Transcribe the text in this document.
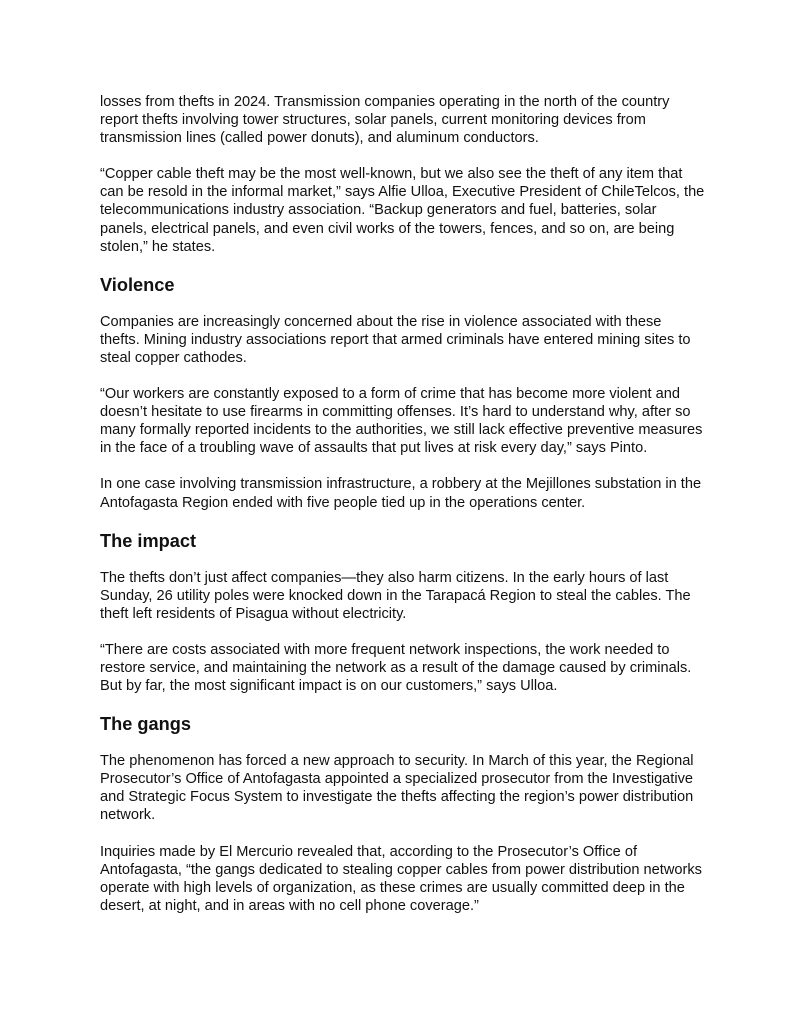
losses from thefts in 2024. Transmission companies operating in the north of the country report thefts involving tower structures, solar panels, current monitoring devices from transmission lines (called power donuts), and aluminum conductors.

“Copper cable theft may be the most well-known, but we also see the theft of any item that can be resold in the informal market,” says Alfie Ulloa, Executive President of ChileTelcos, the telecommunications industry association. “Backup generators and fuel, batteries, solar panels, electrical panels, and even civil works of the towers, fences, and so on, are being stolen,” he states.

Violence

Companies are increasingly concerned about the rise in violence associated with these thefts. Mining industry associations report that armed criminals have entered mining sites to steal copper cathodes.

“Our workers are constantly exposed to a form of crime that has become more violent and doesn’t hesitate to use firearms in committing offenses. It’s hard to understand why, after so many formally reported incidents to the authorities, we still lack effective preventive measures in the face of a troubling wave of assaults that put lives at risk every day,” says Pinto.

In one case involving transmission infrastructure, a robbery at the Mejillones substation in the Antofagasta Region ended with five people tied up in the operations center.

The impact

The thefts don’t just affect companies—they also harm citizens. In the early hours of last Sunday, 26 utility poles were knocked down in the Tarapacá Region to steal the cables. The theft left residents of Pisagua without electricity.

“There are costs associated with more frequent network inspections, the work needed to restore service, and maintaining the network as a result of the damage caused by criminals. But by far, the most significant impact is on our customers,” says Ulloa.

The gangs

The phenomenon has forced a new approach to security. In March of this year, the Regional Prosecutor’s Office of Antofagasta appointed a specialized prosecutor from the Investigative and Strategic Focus System to investigate the thefts affecting the region’s power distribution network.

Inquiries made by El Mercurio revealed that, according to the Prosecutor’s Office of Antofagasta, “the gangs dedicated to stealing copper cables from power distribution networks operate with high levels of organization, as these crimes are usually committed deep in the desert, at night, and in areas with no cell phone coverage.”
